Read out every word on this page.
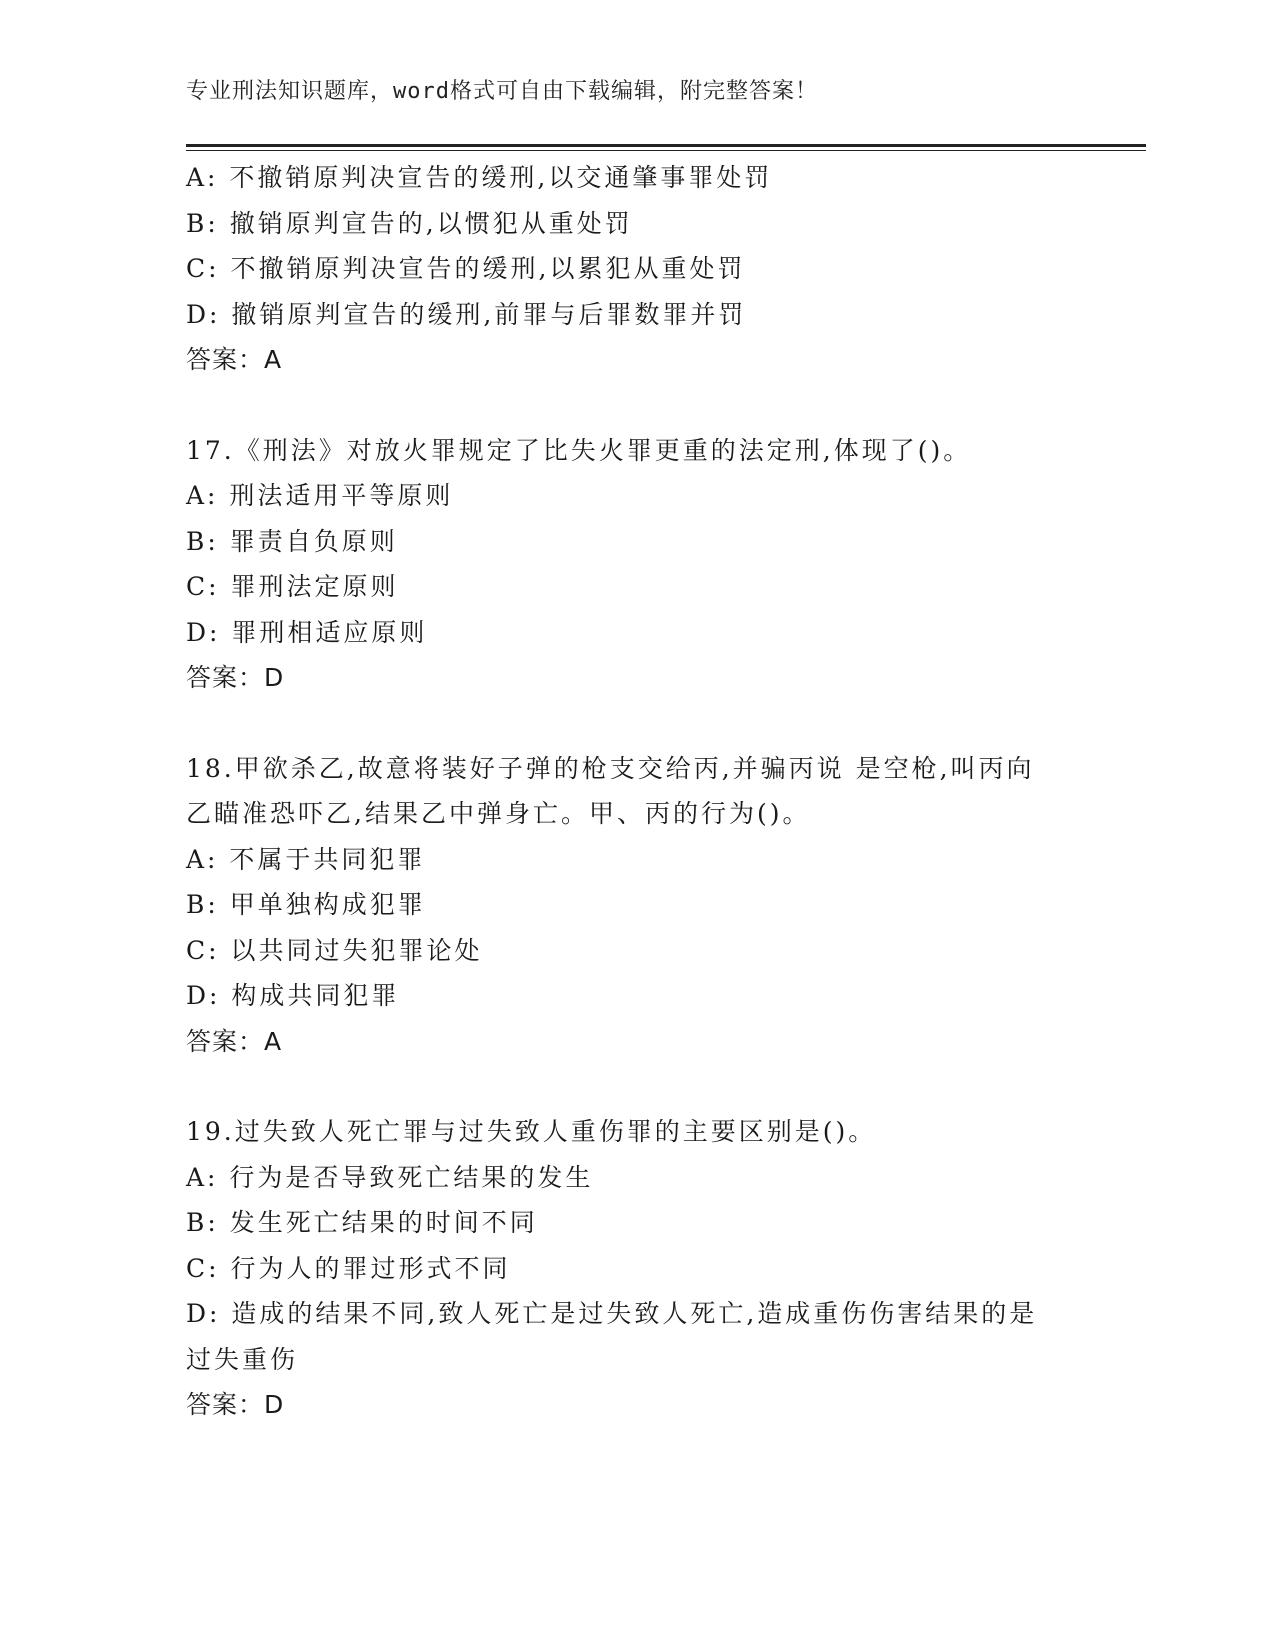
专业刑法知识题库，word格式可自由下载编辑，附完整答案！
A: 不撤销原判决宣告的缓刑,以交通肇事罪处罚
B: 撤销原判宣告的,以惯犯从重处罚
C: 不撤销原判决宣告的缓刑,以累犯从重处罚
D: 撤销原判宣告的缓刑,前罪与后罪数罪并罚
答案：A
17.《刑法》对放火罪规定了比失火罪更重的法定刑,体现了()。
A: 刑法适用平等原则
B: 罪责自负原则
C: 罪刑法定原则
D: 罪刑相适应原则
答案：D
18.甲欲杀乙,故意将装好子弹的枪支交给丙,并骗丙说 是空枪,叫丙向
乙瞄准恐吓乙,结果乙中弹身亡。甲、丙的行为()。
A: 不属于共同犯罪
B: 甲单独构成犯罪
C: 以共同过失犯罪论处
D: 构成共同犯罪
答案：A
19.过失致人死亡罪与过失致人重伤罪的主要区别是()。
A: 行为是否导致死亡结果的发生
B: 发生死亡结果的时间不同
C: 行为人的罪过形式不同
D: 造成的结果不同,致人死亡是过失致人死亡,造成重伤伤害结果的是
过失重伤
答案：D
